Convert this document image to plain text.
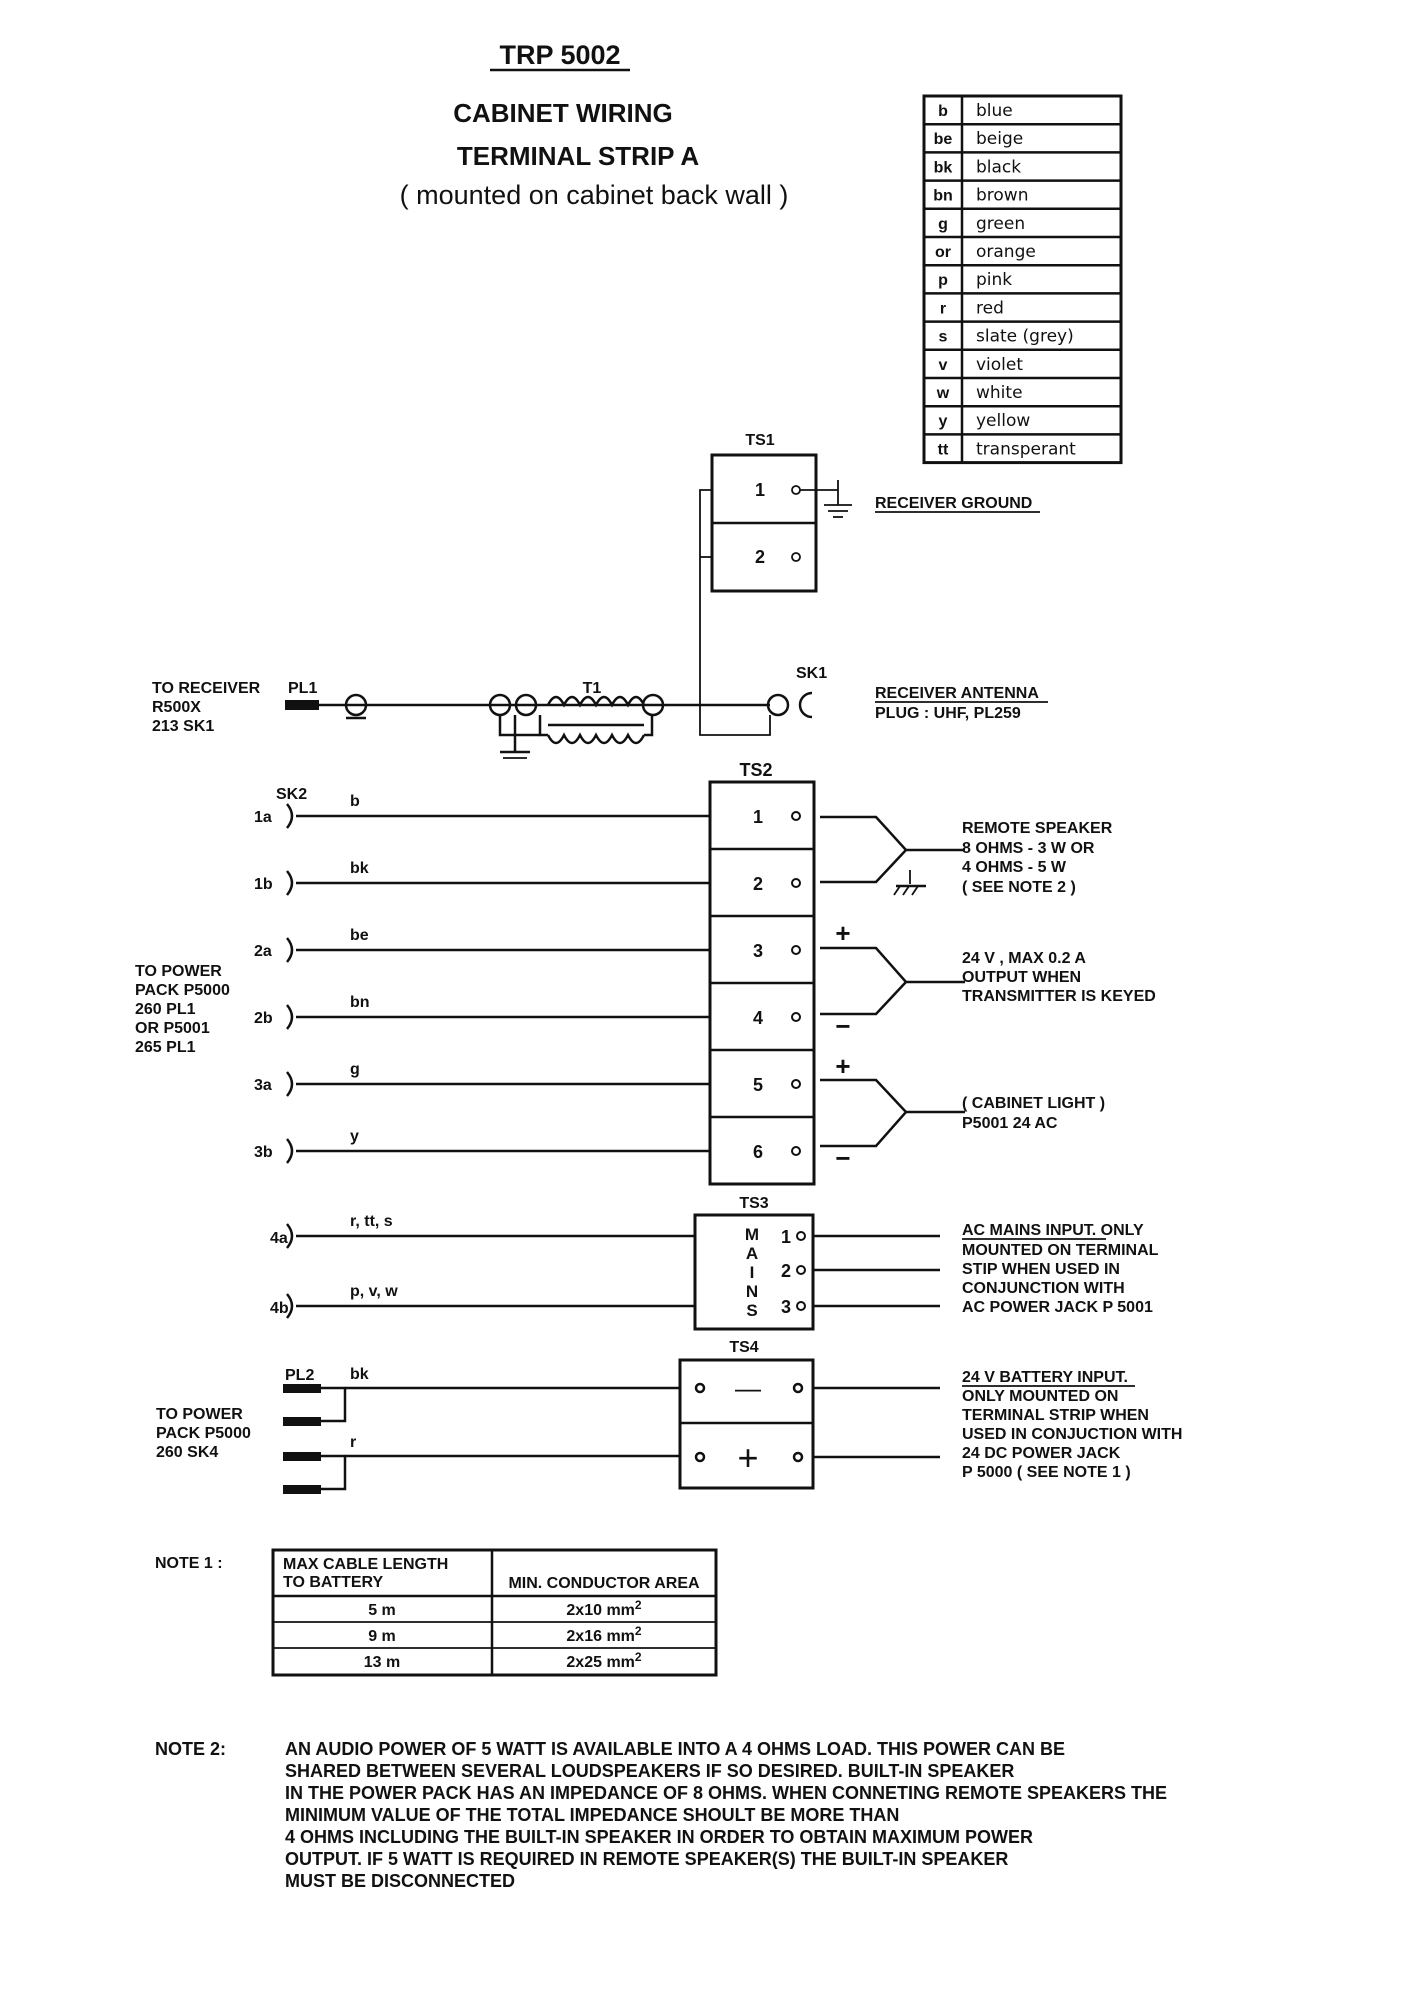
TRP 5002
CABINET WIRING
TERMINAL STRIP A
( mounted on cabinet back wall )
b blue
be beige
bk black
bn brown
g green
or orange
p pink
r red
s slate (grey)
v violet
w white
y yellow
tt transperant
TS1
1
2
RECEIVER GROUND
TO RECEIVER
R500X
213 SK1
PL1	T1
SK1
RECEIVER ANTENNA
PLUG : UHF, PL259
TS2
SK2
TO POWER
PACK P5000
260 PL1
OR P5001
265 PL1
REMOTE SPEAKER
8 OHMS - 3 W OR
4 OHMS - 5 W
( SEE NOTE 2 )
+
−
24 V , MAX 0.2 A
OUTPUT WHEN
TRANSMITTER IS KEYED
+
−
( CABINET LIGHT )
P5001 24 AC
1
1a
b
2
1b
bk
3
2a
be
4
2b
bn
5
3a
g
6
3b
y
TS3
M
A
I
N
S
1
2
3
4a
4b
r, tt, s
p, v, w
AC MAINS INPUT. ONLY
MOUNTED ON TERMINAL
STIP WHEN USED IN
CONJUNCTION WITH
AC POWER JACK P 5001
TS4
—
+
PL2 bk
r
TO POWER
PACK P5000
260 SK4
24 V BATTERY INPUT.
ONLY MOUNTED ON
TERMINAL STRIP WHEN
USED IN CONJUCTION WITH
24 DC POWER JACK
P 5000 ( SEE NOTE 1 )
NOTE 1 :	MAX CABLE LENGTH
TO BATTERY	MIN. CONDUCTOR AREA
5 m	2x10 $mm^2$
9 m	2x16 $mm^2$
13 m	2x25 $mm^2$
NOTE 2:	AN AUDIO POWER OF 5 WATT IS AVAILABLE INTO A 4 OHMS LOAD. THIS POWER CAN BE
SHARED BETWEEN SEVERAL LOUDSPEAKERS IF SO DESIRED. BUILT-IN SPEAKER
IN THE POWER PACK HAS AN IMPEDANCE OF 8 OHMS. WHEN CONNETING REMOTE SPEAKERS THE
MINIMUM VALUE OF THE TOTAL IMPEDANCE SHOULT BE MORE THAN
4 OHMS INCLUDING THE BUILT-IN SPEAKER IN ORDER TO OBTAIN MAXIMUM POWER
OUTPUT. IF 5 WATT IS REQUIRED IN REMOTE SPEAKER(S) THE BUILT-IN SPEAKER
MUST BE DISCONNECTED
